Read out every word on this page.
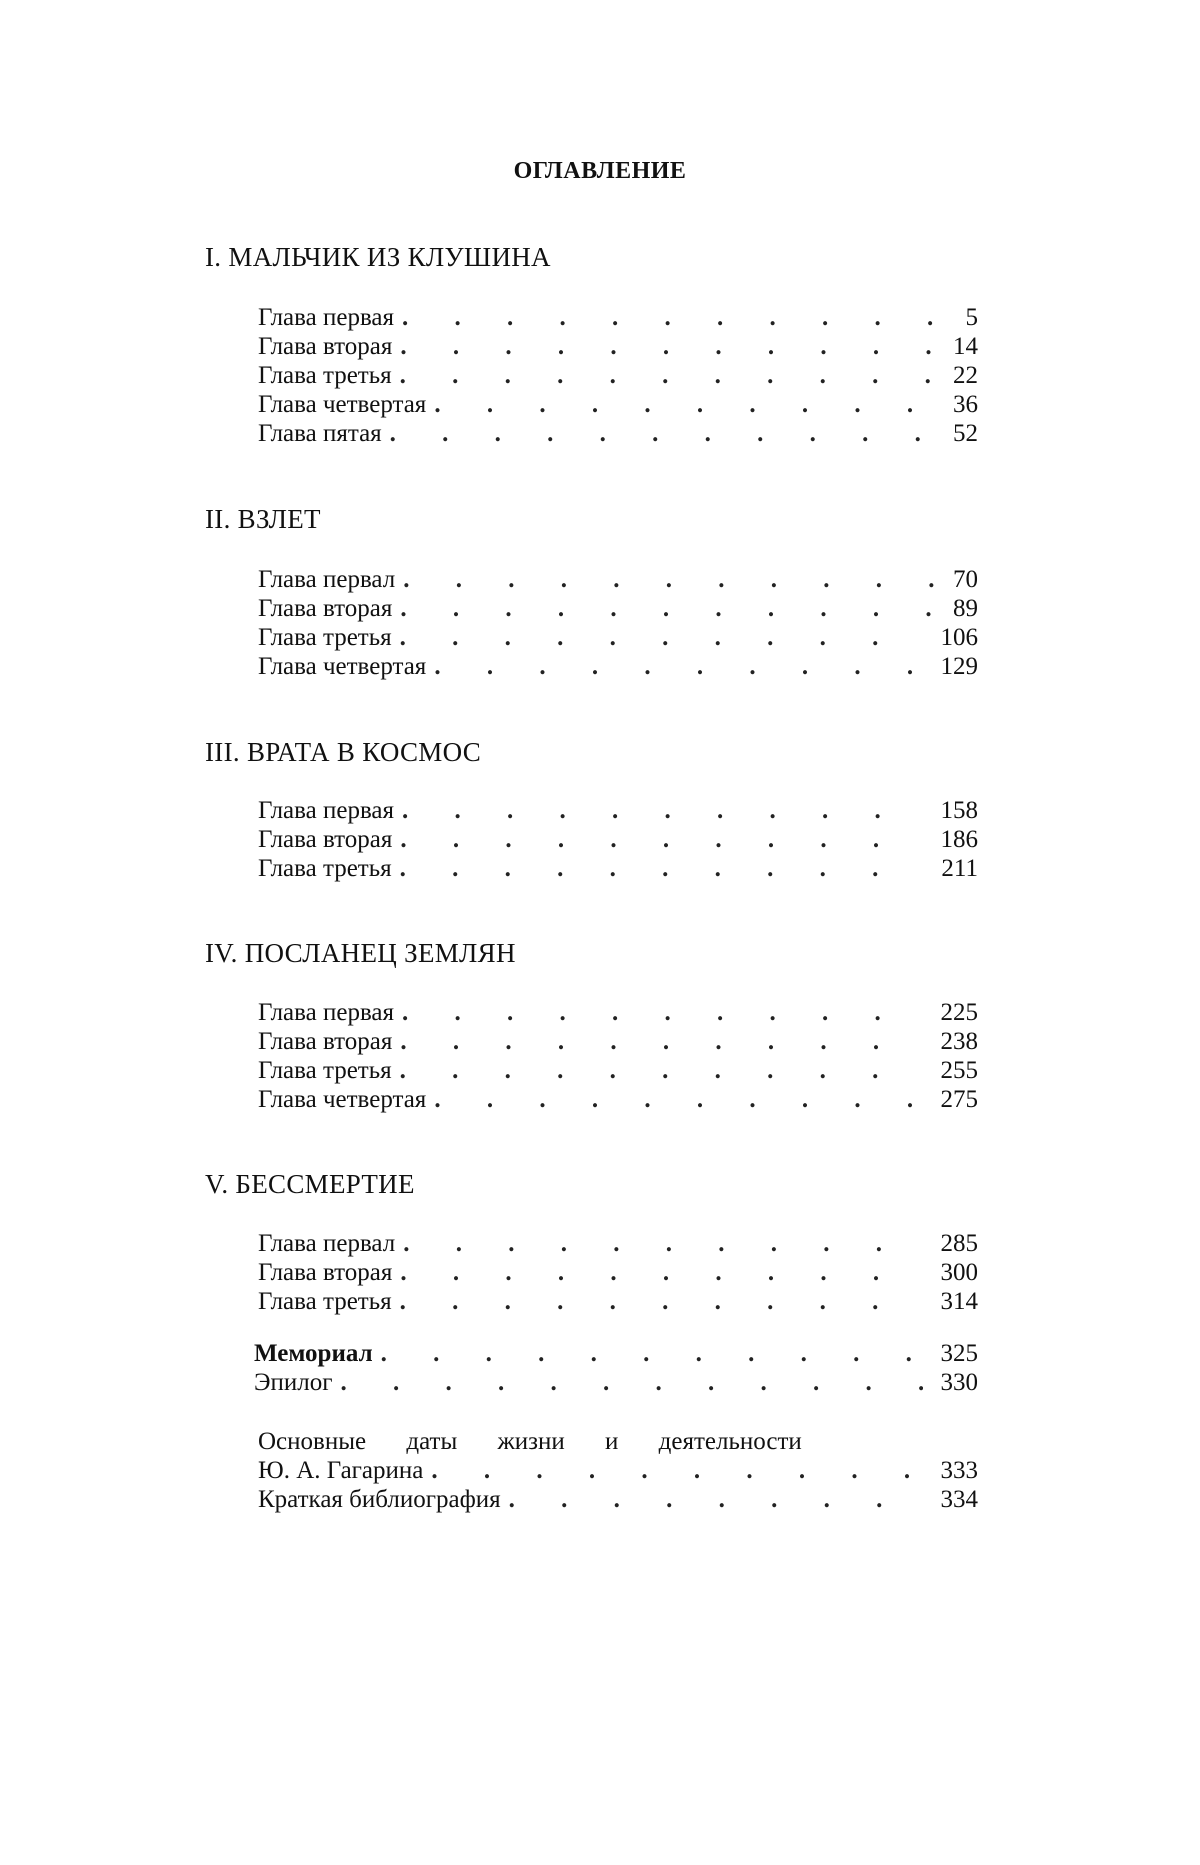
ОГЛАВЛЕНИЕ
I. МАЛЬЧИК ИЗ КЛУШИНА
Глава первая . . .	5
Глава вторая . . .	14
Глава третья . . .	22
Глава четвертая . . .	36
Глава пятая . . .	52
II. ВЗЛЕТ
Глава первал . . .	70
Глава вторая . . .	89
Глава третья . . .	106
Глава четвертая . . .	129
III. ВРАТА В КОСМОС
Глава первая . . .	158
Глава вторая . . .	186
Глава третья . . .	211
IV. ПОСЛАНЕЦ ЗЕМЛЯН
Глава первая . . .	225
Глава вторая . . .	238
Глава третья . . .	255
Глава четвертая . . .	275
V. БЕССМЕРТИЕ
Глава первал . . .	285
Глава вторая . . .	300
Глава третья . . .	314
Мемориал . . .	325
Эпилог . . .	330
Основные даты жизни и деятельности
Ю. А. Гагарина . . .	333
Краткая библиография . . .	334
